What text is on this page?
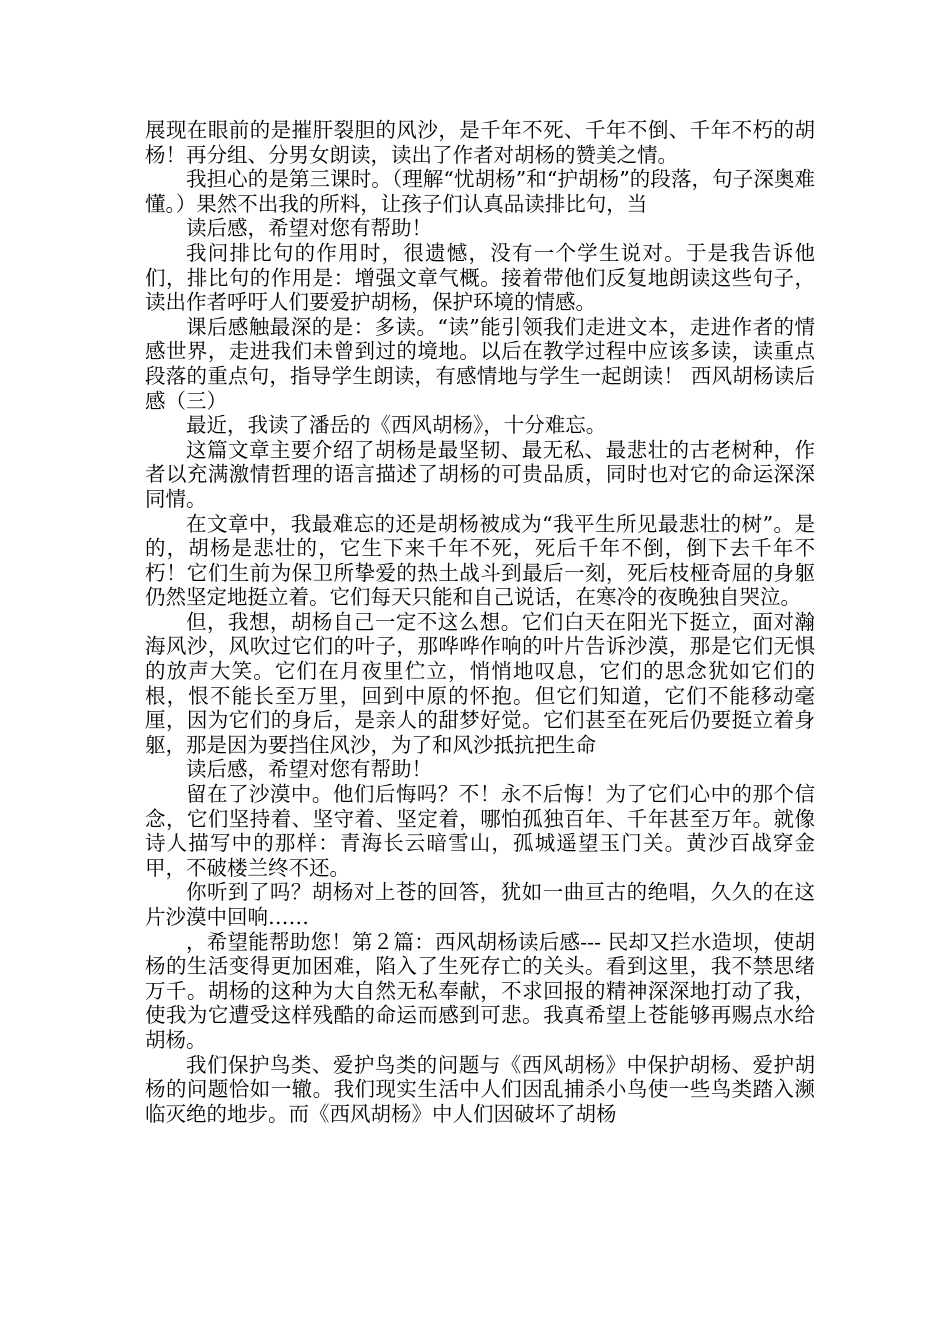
展现在眼前的是摧肝裂胆的风沙，是千年不死、千年不倒、千年不朽的胡杨！再分组、分男女朗读，读出了作者对胡杨的赞美之情。

我担心的是第三课时。（理解“忧胡杨”和“护胡杨”的段落，句子深奥难懂。）果然不出我的所料，让孩子们认真品读排比句，当

读后感，希望对您有帮助！

我问排比句的作用时，很遗憾，没有一个学生说对。于是我告诉他们，排比句的作用是：增强文章气概。接着带他们反复地朗读这些句子，读出作者呼吁人们要爱护胡杨，保护环境的情感。

课后感触最深的是：多读。“读”能引领我们走进文本，走进作者的情感世界，走进我们未曾到过的境地。以后在教学过程中应该多读，读重点段落的重点句，指导学生朗读，有感情地与学生一起朗读！ 西风胡杨读后感（三）

最近，我读了潘岳的《西风胡杨》，十分难忘。

这篇文章主要介绍了胡杨是最坚韧、最无私、最悲壮的古老树种，作者以充满激情哲理的语言描述了胡杨的可贵品质，同时也对它的命运深深同情。

在文章中，我最难忘的还是胡杨被成为“我平生所见最悲壮的树”。是的，胡杨是悲壮的，它生下来千年不死，死后千年不倒，倒下去千年不朽！它们生前为保卫所挚爱的热土战斗到最后一刻，死后枝桠奇屈的身躯仍然坚定地挺立着。它们每天只能和自己说话，在寒冷的夜晚独自哭泣。

但，我想，胡杨自己一定不这么想。它们白天在阳光下挺立，面对瀚海风沙，风吹过它们的叶子，那哗哗作响的叶片告诉沙漠，那是它们无惧的放声大笑。它们在月夜里伫立，悄悄地叹息，它们的思念犹如它们的根，恨不能长至万里，回到中原的怀抱。但它们知道，它们不能移动毫厘，因为它们的身后，是亲人的甜梦好觉。它们甚至在死后仍要挺立着身躯，那是因为要挡住风沙，为了和风沙抵抗把生命

读后感，希望对您有帮助！

留在了沙漠中。他们后悔吗？不！永不后悔！为了它们心中的那个信念，它们坚持着、坚守着、坚定着，哪怕孤独百年、千年甚至万年。就像诗人描写中的那样：青海长云暗雪山，孤城遥望玉门关。黄沙百战穿金甲，不破楼兰终不还。

你听到了吗？胡杨对上苍的回答，犹如一曲亘古的绝唱，久久的在这片沙漠中回响……

，希望能帮助您！第２篇：西风胡杨读后感--- 民却又拦水造坝，使胡杨的生活变得更加困难，陷入了生死存亡的关头。看到这里，我不禁思绪万千。胡杨的这种为大自然无私奉献，不求回报的精神深深地打动了我，使我为它遭受这样残酷的命运而感到可悲。我真希望上苍能够再赐点水给胡杨。

我们保护鸟类、爱护鸟类的问题与《西风胡杨》中保护胡杨、爱护胡杨的问题恰如一辙。我们现实生活中人们因乱捕杀小鸟使一些鸟类踏入濒临灭绝的地步。而《西风胡杨》中人们因破坏了胡杨
